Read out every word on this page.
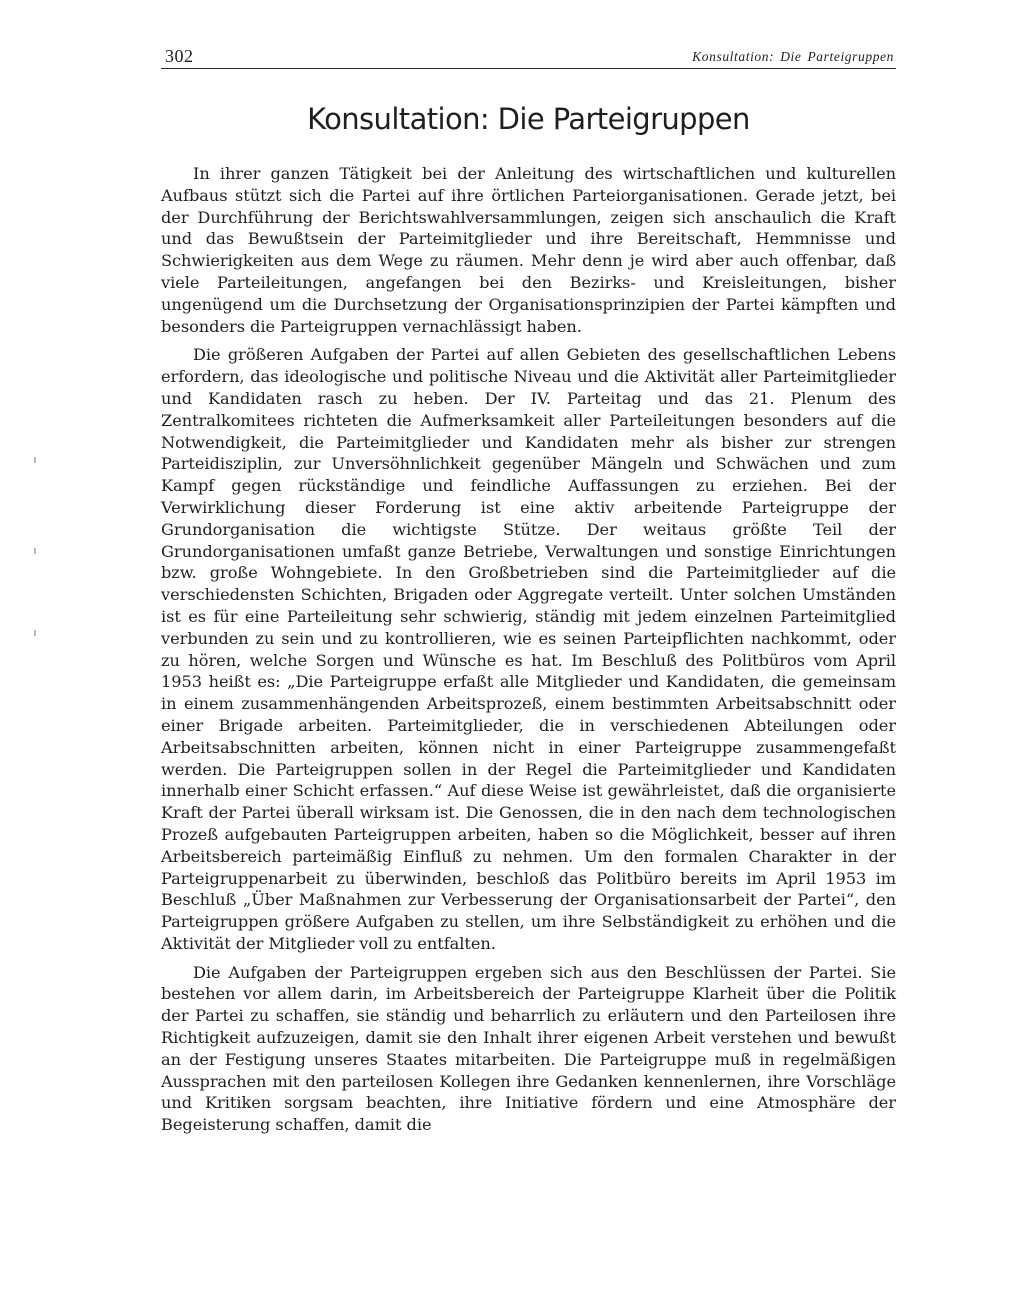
302	Konsultation: Die Parteigruppen
Konsultation: Die Parteigruppen

In ihrer ganzen Tätigkeit bei der Anleitung des wirtschaftlichen und kulturellen Aufbaus stützt sich die Partei auf ihre örtlichen Parteiorganisationen. Gerade jetzt, bei der Durchführung der Berichtswahlversammlungen, zeigen sich anschaulich die Kraft und das Bewußtsein der Parteimitglieder und ihre Bereitschaft, Hemmnisse und Schwierigkeiten aus dem Wege zu räumen. Mehr denn je wird aber auch offenbar, daß viele Parteileitungen, angefangen bei den Bezirks- und Kreisleitungen, bisher ungenügend um die Durchsetzung der Organisationsprinzipien der Partei kämpften und besonders die Parteigruppen vernachlässigt haben.

Die größeren Aufgaben der Partei auf allen Gebieten des gesellschaftlichen Lebens erfordern, das ideologische und politische Niveau und die Aktivität aller Parteimitglieder und Kandidaten rasch zu heben. Der IV. Parteitag und das 21. Plenum des Zentralkomitees richteten die Aufmerksamkeit aller Parteileitungen besonders auf die Notwendigkeit, die Parteimitglieder und Kandidaten mehr als bisher zur strengen Parteidisziplin, zur Unversöhnlichkeit gegenüber Mängeln und Schwächen und zum Kampf gegen rückständige und feindliche Auffassungen zu erziehen. Bei der Verwirklichung dieser Forderung ist eine aktiv arbeitende Parteigruppe der Grundorganisation die wichtigste Stütze. Der weitaus größte Teil der Grundorganisationen umfaßt ganze Betriebe, Verwaltungen und sonstige Einrichtungen bzw. große Wohngebiete. In den Großbetrieben sind die Parteimitglieder auf die verschiedensten Schichten, Brigaden oder Aggregate verteilt. Unter solchen Umständen ist es für eine Parteileitung sehr schwierig, ständig mit jedem einzelnen Parteimitglied verbunden zu sein und zu kontrollieren, wie es seinen Parteipflichten nachkommt, oder zu hören, welche Sorgen und Wünsche es hat. Im Beschluß des Politbüros vom April 1953 heißt es: „Die Parteigruppe erfaßt alle Mitglieder und Kandidaten, die gemeinsam in einem zusammenhängenden Arbeitsprozeß, einem bestimmten Arbeitsabschnitt oder einer Brigade arbeiten. Parteimitglieder, die in verschiedenen Abteilungen oder Arbeitsabschnitten arbeiten, können nicht in einer Parteigruppe zusammengefaßt werden. Die Parteigruppen sollen in der Regel die Parteimitglieder und Kandidaten innerhalb einer Schicht erfassen.“ Auf diese Weise ist gewährleistet, daß die organisierte Kraft der Partei überall wirksam ist. Die Genossen, die in den nach dem technologischen Prozeß aufgebauten Parteigruppen arbeiten, haben so die Möglichkeit, besser auf ihren Arbeitsbereich parteimäßig Einfluß zu nehmen. Um den formalen Charakter in der Parteigruppenarbeit zu überwinden, beschloß das Politbüro bereits im April 1953 im Beschluß „Über Maßnahmen zur Verbesserung der Organisationsarbeit der Partei“, den Parteigruppen größere Aufgaben zu stellen, um ihre Selbständigkeit zu erhöhen und die Aktivität der Mitglieder voll zu entfalten.

Die Aufgaben der Parteigruppen ergeben sich aus den Beschlüssen der Partei. Sie bestehen vor allem darin, im Arbeitsbereich der Parteigruppe Klarheit über die Politik der Partei zu schaffen, sie ständig und beharrlich zu erläutern und den Parteilosen ihre Richtigkeit aufzuzeigen, damit sie den Inhalt ihrer eigenen Arbeit verstehen und bewußt an der Festigung unseres Staates mitarbeiten. Die Parteigruppe muß in regelmäßigen Aussprachen mit den parteilosen Kollegen ihre Gedanken kennenlernen, ihre Vorschläge und Kritiken sorgsam beachten, ihre Initiative fördern und eine Atmosphäre der Begeisterung schaffen, damit die
